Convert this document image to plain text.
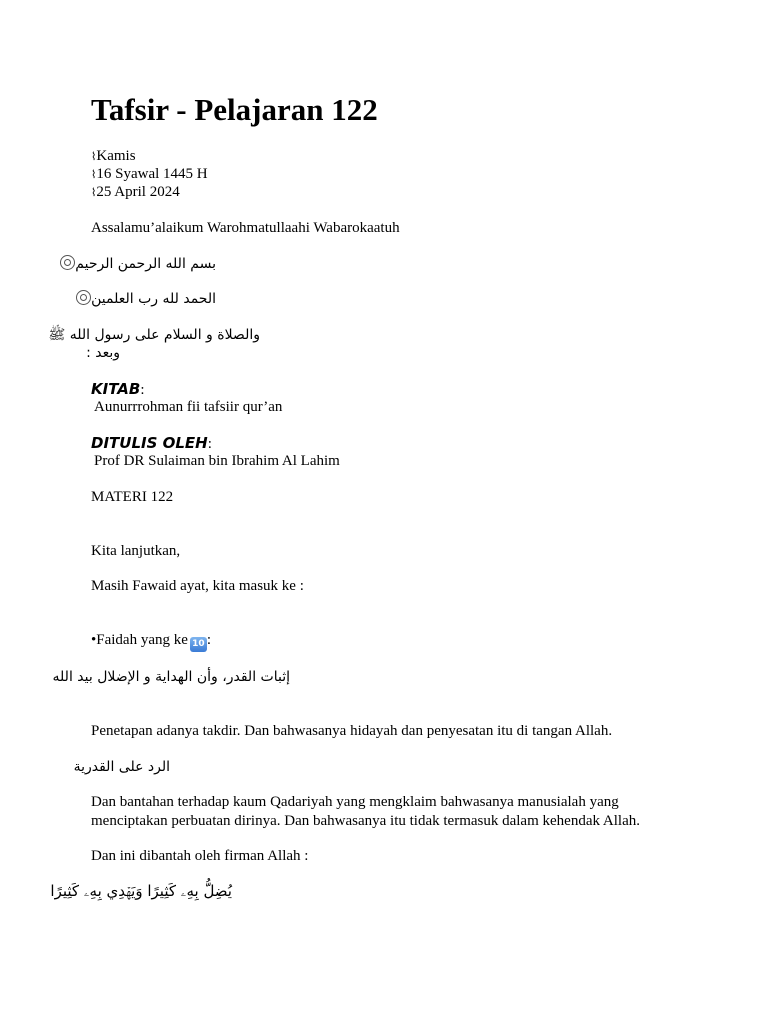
Tafsir - Pelajaran 122
⌇Kamis
⌇16 Syawal 1445 H
⌇25 April 2024
Assalamu’alaikum Warohmatullaahi Wabarokaatuh
بسم الله الرحمن الرحيم
الحمد لله رب العلمين
والصلاة و السلام على رسول الله ﷺ
وبعد :
KITAB:
Aunurrrohman fii tafsiir qur’an
DITULIS OLEH:
Prof DR Sulaiman bin Ibrahim Al Lahim
MATERI 122
Kita lanjutkan,
Masih Fawaid ayat, kita masuk ke :
•Faidah yang ke 10 :
إثبات القدر، وأن الهداية و الإضلال بيد الله
Penetapan adanya takdir. Dan bahwasanya hidayah dan penyesatan itu di tangan Allah.
الرد على القدرية
Dan bantahan terhadap kaum Qadariyah yang mengklaim bahwasanya manusialah yang menciptakan perbuatan dirinya. Dan bahwasanya itu tidak termasuk dalam kehendak Allah.
Dan ini dibantah oleh firman Allah :
يُضِلُّ بِهِۦ كَثِيرًا وَيَهۡدِي بِهِۦ كَثِيرًا
